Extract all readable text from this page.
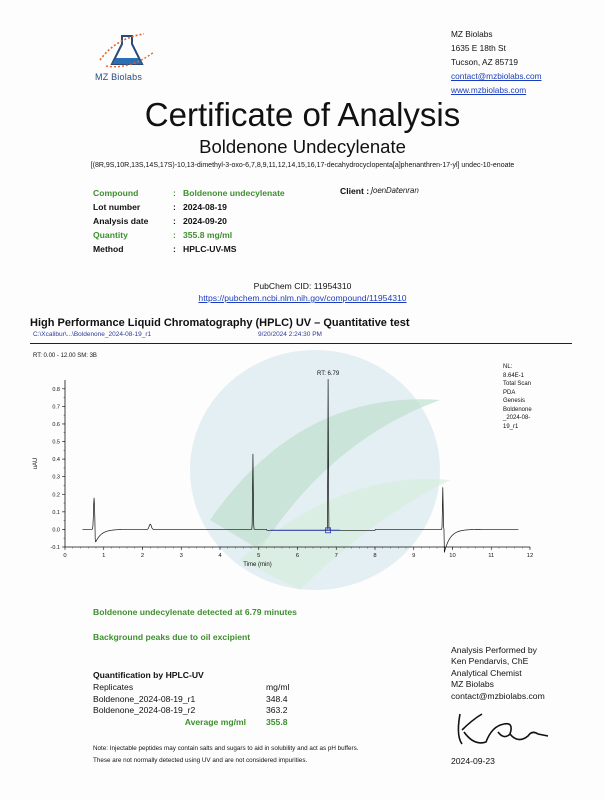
MZ Biolabs
MZ Biolabs
1635 E 18th St
Tucson, AZ 85719
contact@mzbiolabs.com
www.mzbiolabs.com
Certificate of Analysis
Boldenone Undecylenate
[(8R,9S,10R,13S,14S,17S)-10,13-dimethyl-3-oxo-6,7,8,9,11,12,14,15,16,17-decahydrocyclopenta[a]phenanthren-17-yl] undec-10-enoate
Compound	: Boldenone undecylenate
Lot number	: 2024-08-19
Analysis date	: 2024-09-20
Quantity	: 355.8 mg/ml
Method	: HPLC-UV-MS
Client : JoenDatenran
PubChem CID: 11954310
https://pubchem.ncbi.nlm.nih.gov/compound/11954310
High Performance Liquid Chromatography (HPLC) UV – Quantitative test
C:\Xcalibur\...\Boldenone_2024-08-19_r1	9/20/2024 2:24:30 PM
RT: 0.00 - 12.00 SM: 3B
NL:
8.64E-1
Total Scan
PDA
Genesis
Boldenone
_2024-08-
19_r1
-0.1
0.0
0.1
0.2
0.3
0.4
0.5
0.6
0.7
0.8
0	1	2	3	4	5	6	7	8	9	10	11	12
Time (min)
uAU
RT: 6.79
Boldenone undecylenate detected at 6.79 minutes
Background peaks due to oil excipient
Quantification by HPLC-UV
Replicates	mg/ml
Boldenone_2024-08-19_r1	348.4
Boldenone_2024-08-19_r2	363.2
Average mg/ml	355.8
Analysis Performed by
Ken Pendarvis, ChE
Analytical Chemist
MZ Biolabs
contact@mzbiolabs.com
Note: Injectable peptides may contain salts and sugars to aid in solubility and act as pH buffers.
These are not normally detected using UV and are not considered impurities.	2024-09-23
